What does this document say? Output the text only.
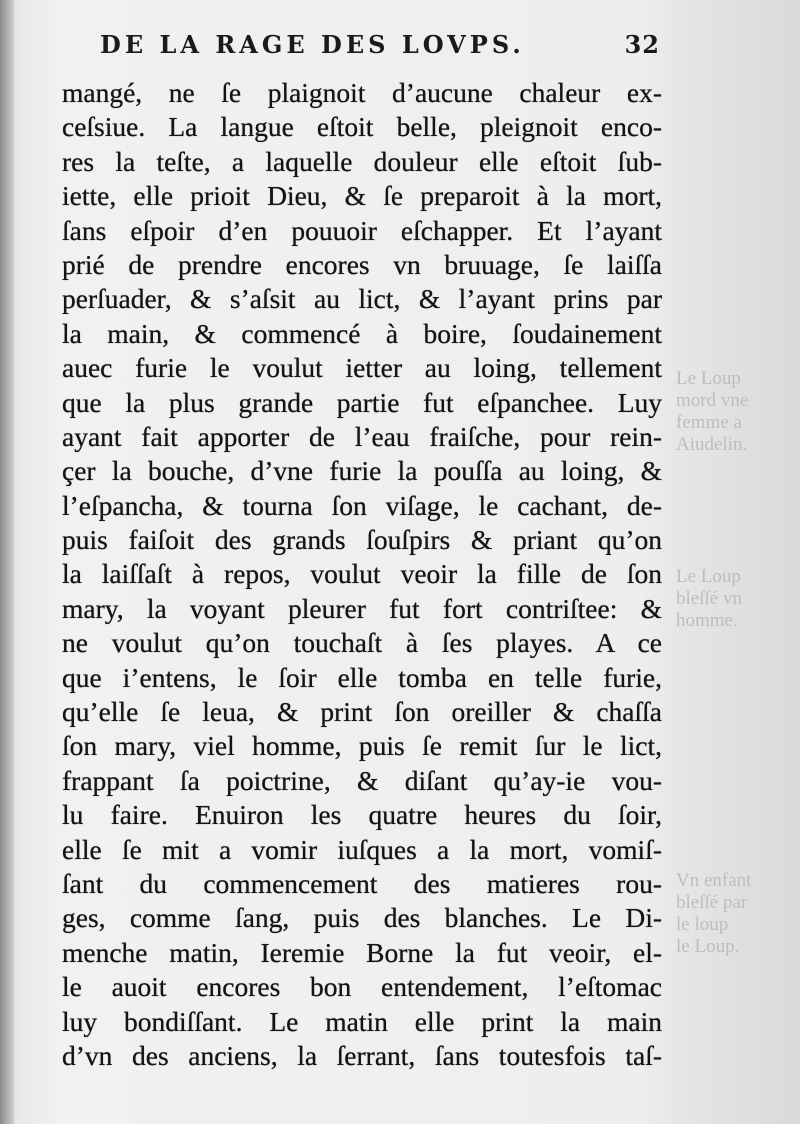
DE LA RAGE DES LOVPS.	32
mangé, ne ſe plaignoit d’aucune chaleur ex-
ceſsiue. La langue eſtoit belle, pleignoit enco-
res la teſte, a laquelle douleur elle eſtoit ſub-
iette, elle prioit Dieu, & ſe preparoit à la mort,
ſans eſpoir d’en pouuoir eſchapper. Et l’ayant
prié de prendre encores vn bruuage, ſe laiſſa
perſuader, & s’aſsit au lict, & l’ayant prins par
la main, & commencé à boire, ſoudainement
auec furie le voulut ietter au loing, tellement
que la plus grande partie fut eſpanchee. Luy
ayant fait apporter de l’eau fraiſche, pour rein-
çer la bouche, d’vne furie la pouſſa au loing, &
l’eſpancha, & tourna ſon viſage, le cachant, de-
puis faiſoit des grands ſouſpirs & priant qu’on
la laiſſaſt à repos, voulut veoir la fille de ſon
mary, la voyant pleurer fut fort contriſtee: &
ne voulut qu’on touchaſt à ſes playes. A ce
que i’entens, le ſoir elle tomba en telle furie,
qu’elle ſe leua, & print ſon oreiller & chaſſa
ſon mary, viel homme, puis ſe remit ſur le lict,
frappant ſa poictrine, & diſant qu’ay-ie vou-
lu faire. Enuiron les quatre heures du ſoir,
elle ſe mit a vomir iuſques a la mort, vomiſ-
ſant du commencement des matieres rou-
ges, comme ſang, puis des blanches. Le Di-
menche matin, Ieremie Borne la fut veoir, el-
le auoit encores bon entendement, l’eſtomac
luy bondiſſant. Le matin elle print la main
d’vn des anciens, la ſerrant, ſans toutesfois taſ-
Le Loup
mord vne
femme a
Aiudelin.
Le Loup
bleſſé vn
homme.
Vn enfant
bleſſé par
le loup
le Loup.
